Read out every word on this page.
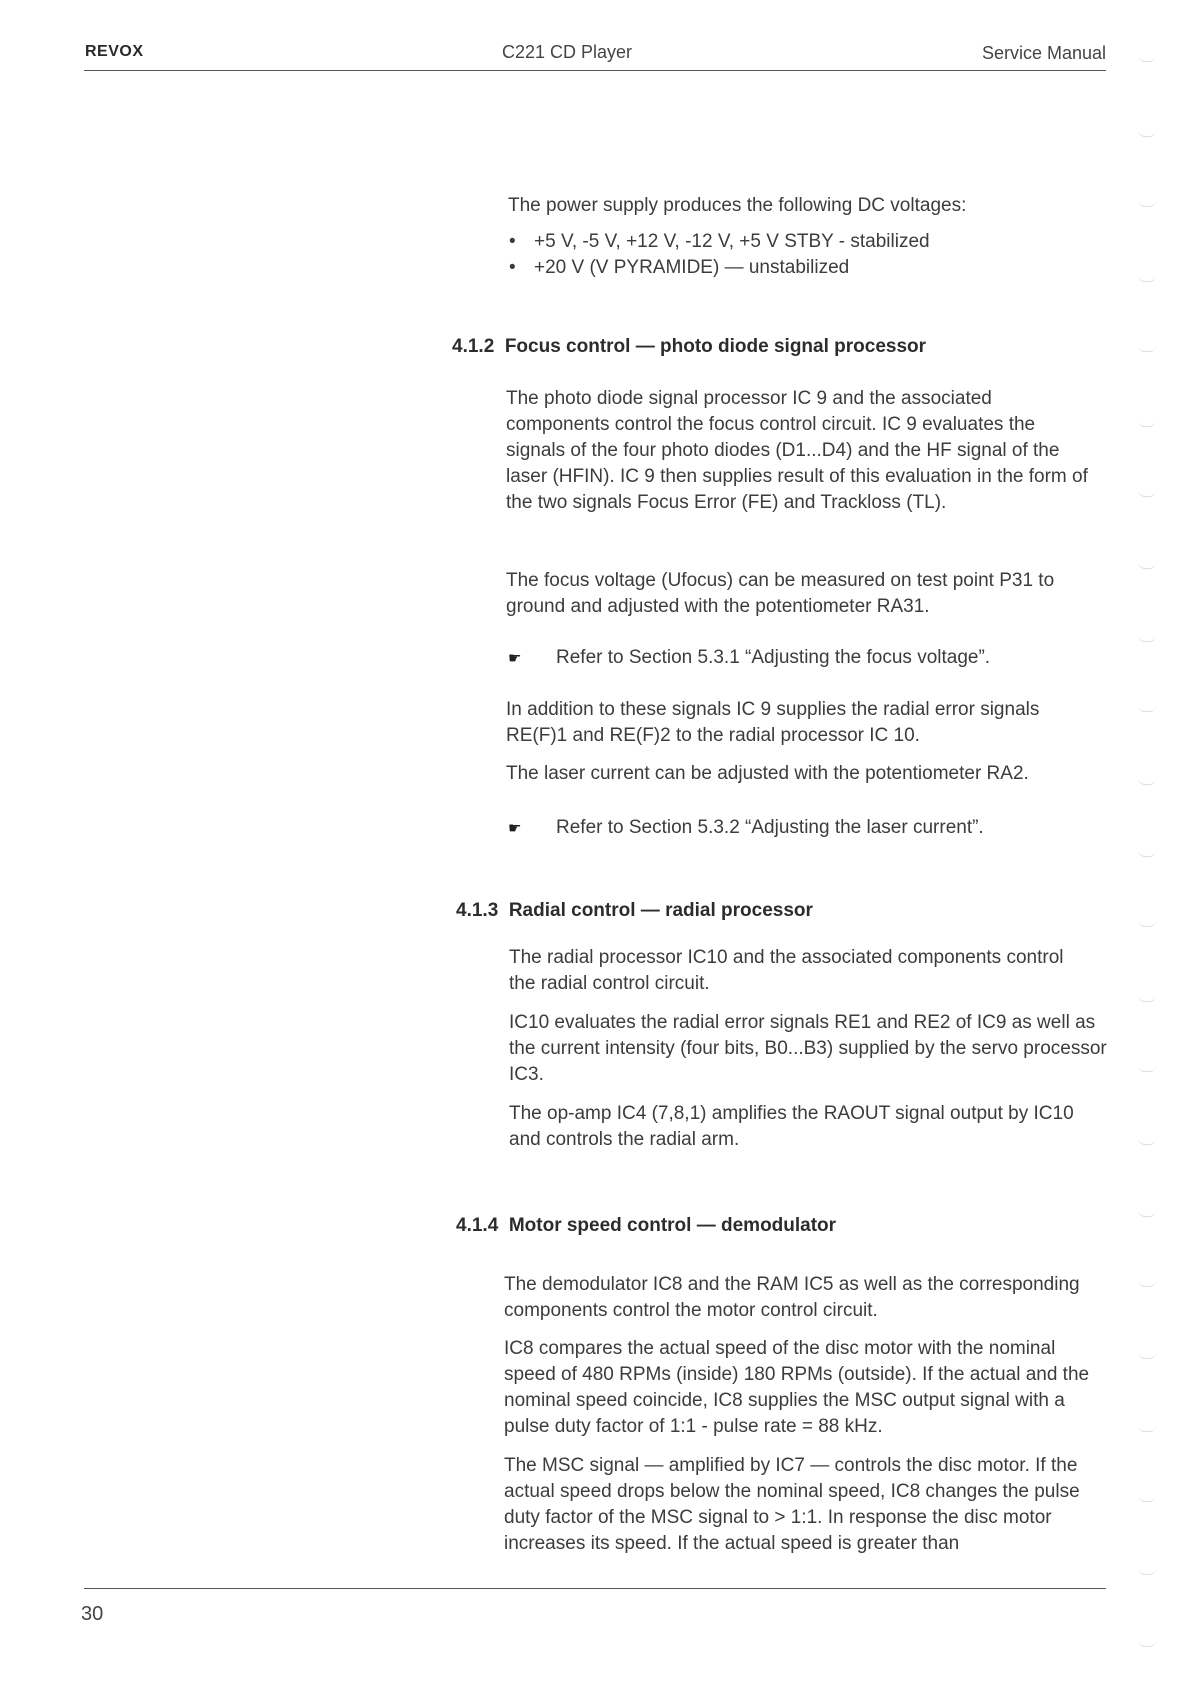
REVOX	C221 CD Player	Service Manual

The power supply produces the following DC voltages:

• +5 V, -5 V, +12 V, -12 V, +5 V STBY - stabilized
• +20 V (V PYRAMIDE) — unstabilized
4.1.2 Focus control — photo diode signal processor

The photo diode signal processor IC 9 and the associated components control the focus control circuit. IC 9 evaluates the signals of the four photo diodes (D1...D4) and the HF signal of the laser (HFIN). IC 9 then supplies result of this evaluation in the form of the two signals Focus Error (FE) and Trackloss (TL).

The focus voltage (Ufocus) can be measured on test point P31 to ground and adjusted with the potentiometer RA31.

☛ Refer to Section 5.3.1 “Adjusting the focus voltage”.

In addition to these signals IC 9 supplies the radial error signals RE(F)1 and RE(F)2 to the radial processor IC 10.

The laser current can be adjusted with the potentiometer RA2.

☛ Refer to Section 5.3.2 “Adjusting the laser current”.
4.1.3 Radial control — radial processor

The radial processor IC10 and the associated components control the radial control circuit.

IC10 evaluates the radial error signals RE1 and RE2 of IC9 as well as the current intensity (four bits, B0...B3) supplied by the servo processor IC3.

The op-amp IC4 (7,8,1) amplifies the RAOUT signal output by IC10 and controls the radial arm.

4.1.4 Motor speed control — demodulator

The demodulator IC8 and the RAM IC5 as well as the corresponding components control the motor control circuit.

IC8 compares the actual speed of the disc motor with the nominal speed of 480 RPMs (inside) 180 RPMs (outside). If the actual and the nominal speed coincide, IC8 supplies the MSC output signal with a pulse duty factor of 1:1 - pulse rate = 88 kHz.

The MSC signal — amplified by IC7 — controls the disc motor. If the actual speed drops below the nominal speed, IC8 changes the pulse duty factor of the MSC signal to > 1:1. In response the disc motor increases its speed. If the actual speed is greater than

30
